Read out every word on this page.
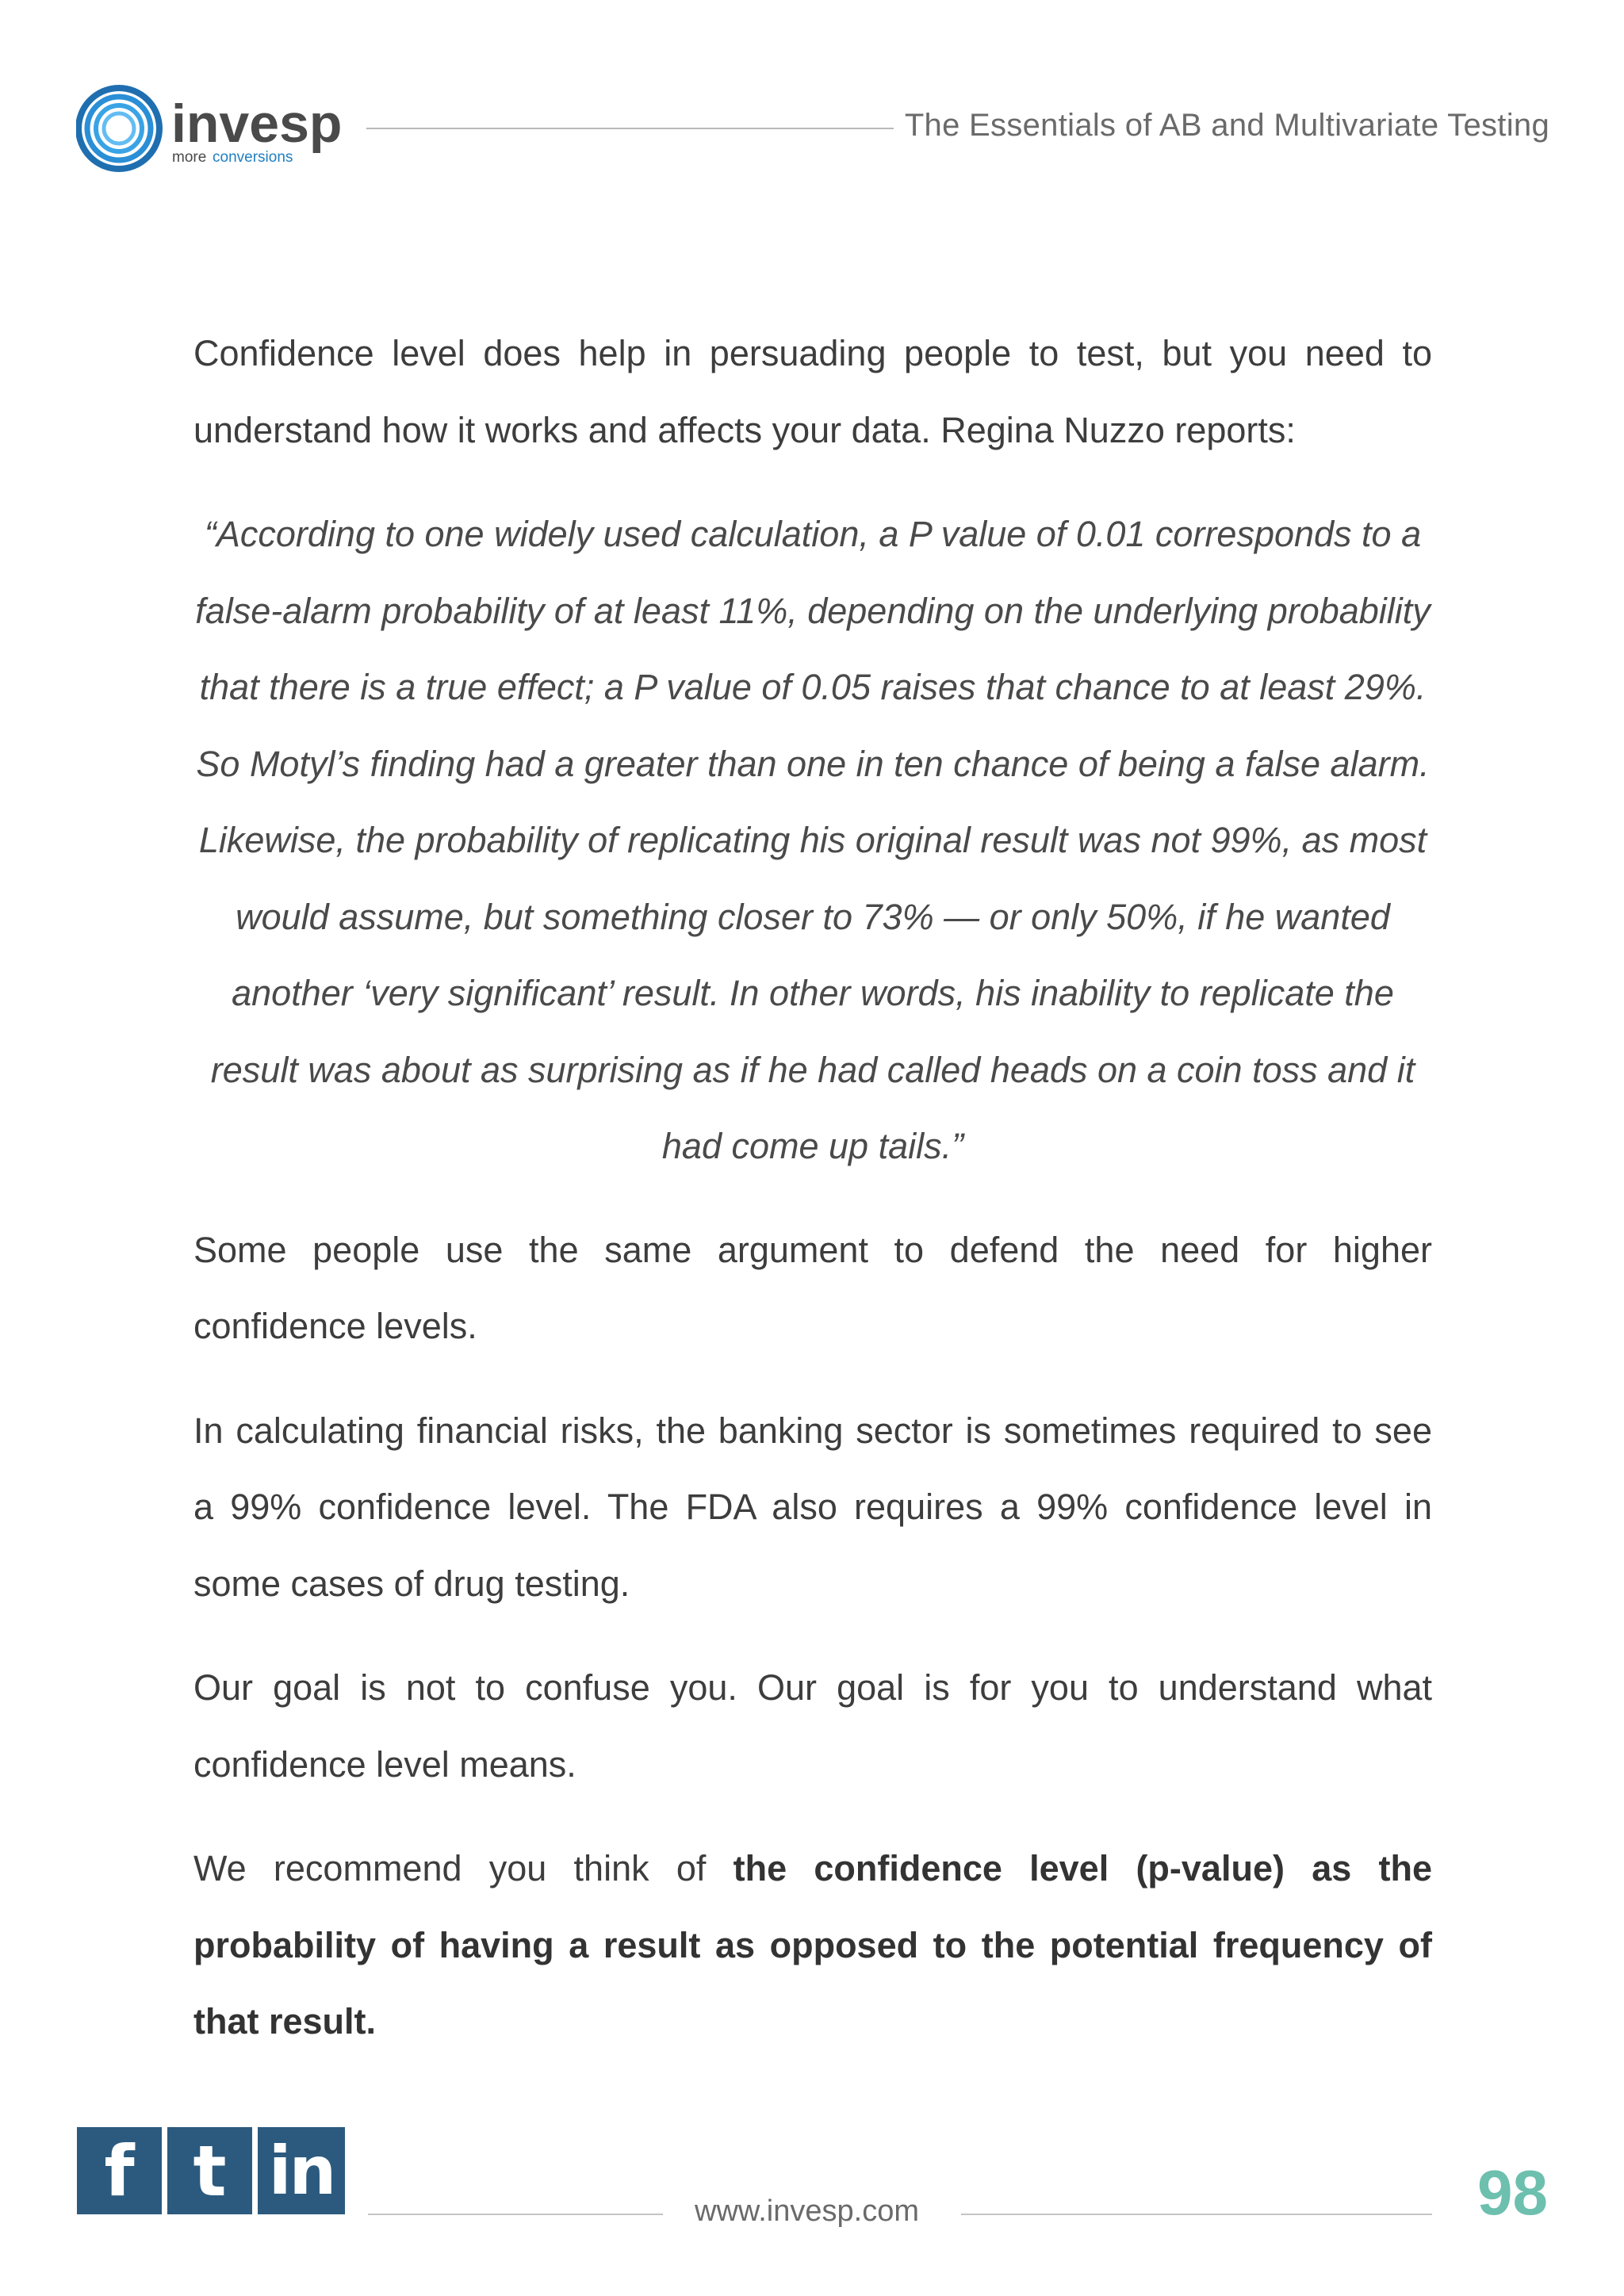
invesp
more conversions
The Essentials of AB and Multivariate Testing

Confidence level does help in persuading people to test, but you need to understand how it works and affects your data. Regina Nuzzo reports:

“According to one widely used calculation, a P value of 0.01 corresponds to a false-alarm probability of at least 11%, depending on the underlying probability that there is a true effect; a P value of 0.05 raises that chance to at least 29%. So Motyl’s finding had a greater than one in ten chance of being a false alarm. Likewise, the probability of replicating his original result was not 99%, as most would assume, but something closer to 73% — or only 50%, if he wanted another ‘very significant’ result. In other words, his inability to replicate the result was about as surprising as if he had called heads on a coin toss and it had come up tails.”

Some people use the same argument to defend the need for higher confidence levels.

In calculating financial risks, the banking sector is sometimes required to see a 99% confidence level. The FDA also requires a 99% confidence level in some cases of drug testing.

Our goal is not to confuse you. Our goal is for you to understand what confidence level means.

We recommend you think of the confidence level (p-value) as the probability of having a result as opposed to the potential frequency of that result.

f t in
www.invesp.com	98
